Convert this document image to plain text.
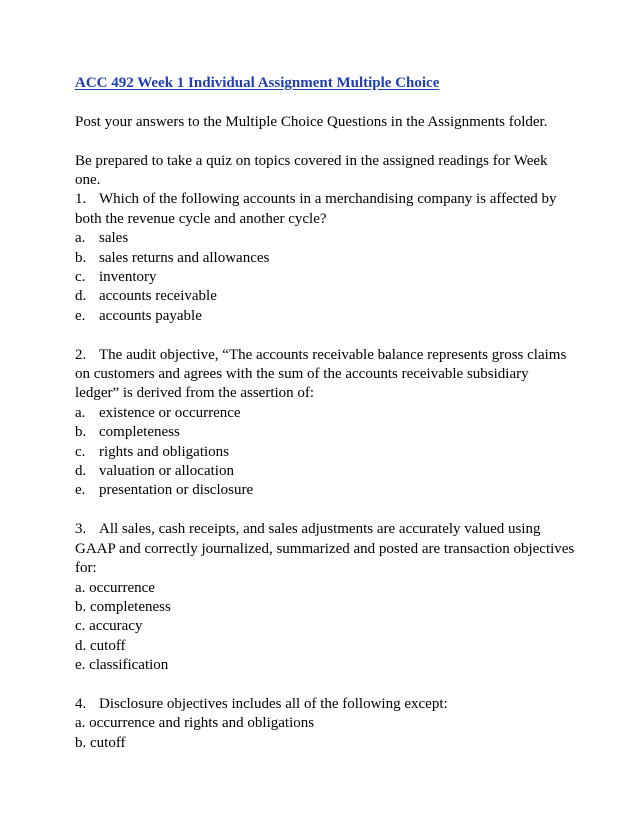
ACC 492 Week 1 Individual Assignment Multiple Choice

Post your answers to the Multiple Choice Questions in the Assignments folder.

Be prepared to take a quiz on topics covered in the assigned readings for Week

one.

1. Which of the following accounts in a merchandising company is affected by
both the revenue cycle and another cycle?
a. sales
b. sales returns and allowances
c. inventory
d. accounts receivable
e. accounts payable
2. The audit objective, “The accounts receivable balance represents gross claims
on customers and agrees with the sum of the accounts receivable subsidiary
ledger” is derived from the assertion of:
a. existence or occurrence
b. completeness
c. rights and obligations
d. valuation or allocation
e. presentation or disclosure
3. All sales, cash receipts, and sales adjustments are accurately valued using
GAAP and correctly journalized, summarized and posted are transaction objectives
for:
a. occurrence
b. completeness
c. accuracy
d. cutoff
e. classification
4. Disclosure objectives includes all of the following except:
a. occurrence and rights and obligations
b. cutoff
